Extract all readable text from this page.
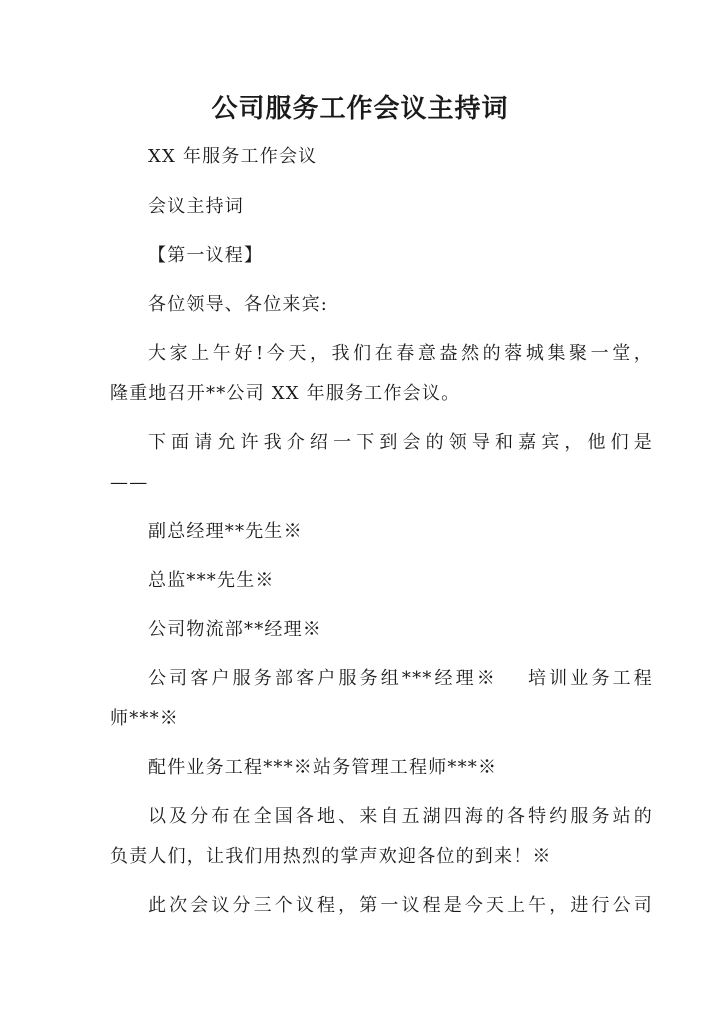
公司服务工作会议主持词
XX 年服务工作会议
会议主持词
【第一议程】
各位领导、各位来宾:
大家上午好!今天，我们在春意盎然的蓉城集聚一堂，
隆重地召开**公司 XX 年服务工作会议。
下面请允许我介绍一下到会的领导和嘉宾，他们是
——
副总经理**先生※
总监***先生※
公司物流部**经理※
公司客户服务部客户服务组***经理※　 培训业务工程
师***※
配件业务工程***※站务管理工程师***※
以及分布在全国各地、来自五湖四海的各特约服务站的
负责人们，让我们用热烈的掌声欢迎各位的到来！※
此次会议分三个议程，第一议程是今天上午，进行公司
